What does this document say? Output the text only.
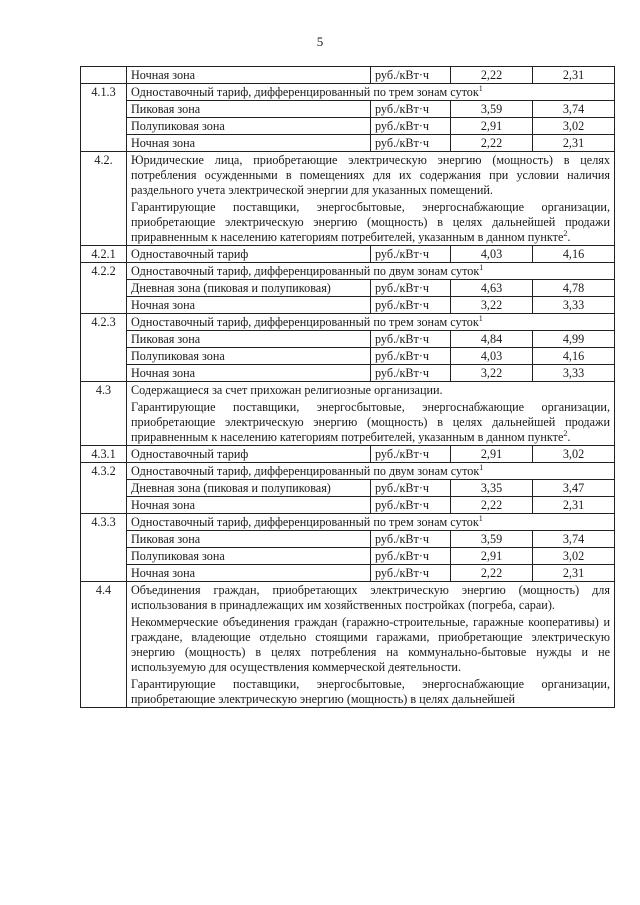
5
	Ночная зона	руб./кВт·ч	2,22	2,31
4.1.3	Одноставочный тариф, дифференцированный по трем зонам суток$^1$
	Пиковая зона	руб./кВт·ч	3,59	3,74
	Полупиковая зона	руб./кВт·ч	2,91	3,02
	Ночная зона	руб./кВт·ч	2,22	2,31
4.2.	Юридические лица, приобретающие электрическую энергию (мощность) в целях потребления осужденными в помещениях для их содержания при условии наличия раздельного учета электрической энергии для указанных помещений.

Гарантирующие поставщики, энергосбытовые, энергоснабжающие организации, приобретающие электрическую энергию (мощность) в целях дальнейшей продажи приравненным к населению категориям потребителей, указанным в данном пункте$^2$.			

4.2.1	Одноставочный тариф	руб./кВт·ч	4,03	4,16
4.2.2	Одноставочный тариф, дифференцированный по двум зонам суток$^1$
	Дневная зона (пиковая и полупиковая)	руб./кВт·ч	4,63	4,78
	Ночная зона	руб./кВт·ч	3,22	3,33
4.2.3	Одноставочный тариф, дифференцированный по трем зонам суток$^1$
	Пиковая зона	руб./кВт·ч	4,84	4,99
	Полупиковая зона	руб./кВт·ч	4,03	4,16
	Ночная зона	руб./кВт·ч	3,22	3,33
4.3	Содержащиеся за счет прихожан религиозные организации.

Гарантирующие поставщики, энергосбытовые, энергоснабжающие организации, приобретающие электрическую энергию (мощность) в целях дальнейшей продажи приравненным к населению категориям потребителей, указанным в данном пункте$^2$.			

4.3.1	Одноставочный тариф	руб./кВт·ч	2,91	3,02
4.3.2	Одноставочный тариф, дифференцированный по двум зонам суток$^1$
	Дневная зона (пиковая и полупиковая)	руб./кВт·ч	3,35	3,47
	Ночная зона	руб./кВт·ч	2,22	2,31
4.3.3	Одноставочный тариф, дифференцированный по трем зонам суток$^1$
	Пиковая зона	руб./кВт·ч	3,59	3,74
	Полупиковая зона	руб./кВт·ч	2,91	3,02
	Ночная зона	руб./кВт·ч	2,22	2,31
4.4	Объединения граждан, приобретающих электрическую энергию (мощность) для использования в принадлежащих им хозяйственных постройках (погреба, сараи).

Некоммерческие объединения граждан (гаражно-строительные, гаражные кооперативы) и граждане, владеющие отдельно стоящими гаражами, приобретающие электрическую энергию (мощность) в целях потребления на коммунально-бытовые нужды и не используемую для осуществления коммерческой деятельности.

Гарантирующие поставщики, энергосбытовые, энергоснабжающие организации, приобретающие электрическую энергию (мощность) в целях дальнейшей			
